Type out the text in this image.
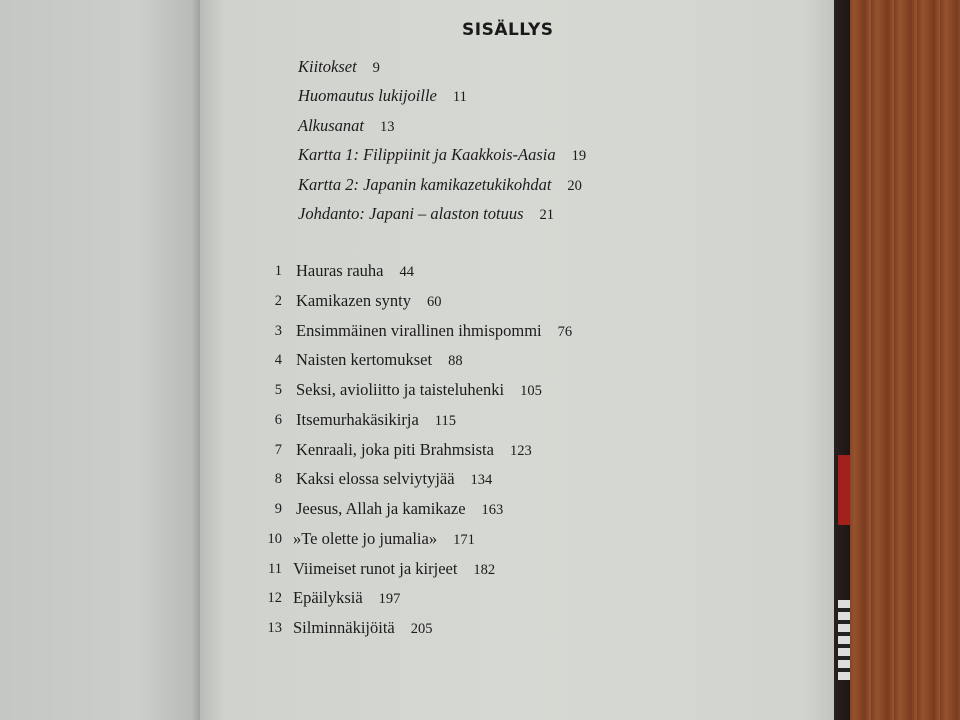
SISÄLLYS
Kiitokset 9
Huomautus lukijoille 11
Alkusanat 13
Kartta 1: Filippiinit ja Kaakkois-Aasia 19
Kartta 2: Japanin kamikazetukikohdat 20
Johdanto: Japani – alaston totuus 21
1 Hauras rauha 44
2 Kamikazen synty 60
3 Ensimmäinen virallinen ihmispommi 76
4 Naisten kertomukset 88
5 Seksi, avioliitto ja taisteluhenki 105
6 Itsemurhakäsikirja 115
7 Kenraali, joka piti Brahmsista 123
8 Kaksi elossa selviytyjää 134
9 Jeesus, Allah ja kamikaze 163
10 »Te olette jo jumalia» 171
11 Viimeiset runot ja kirjeet 182
12 Epäilyksiä 197
13 Silminnäkijöitä 205
